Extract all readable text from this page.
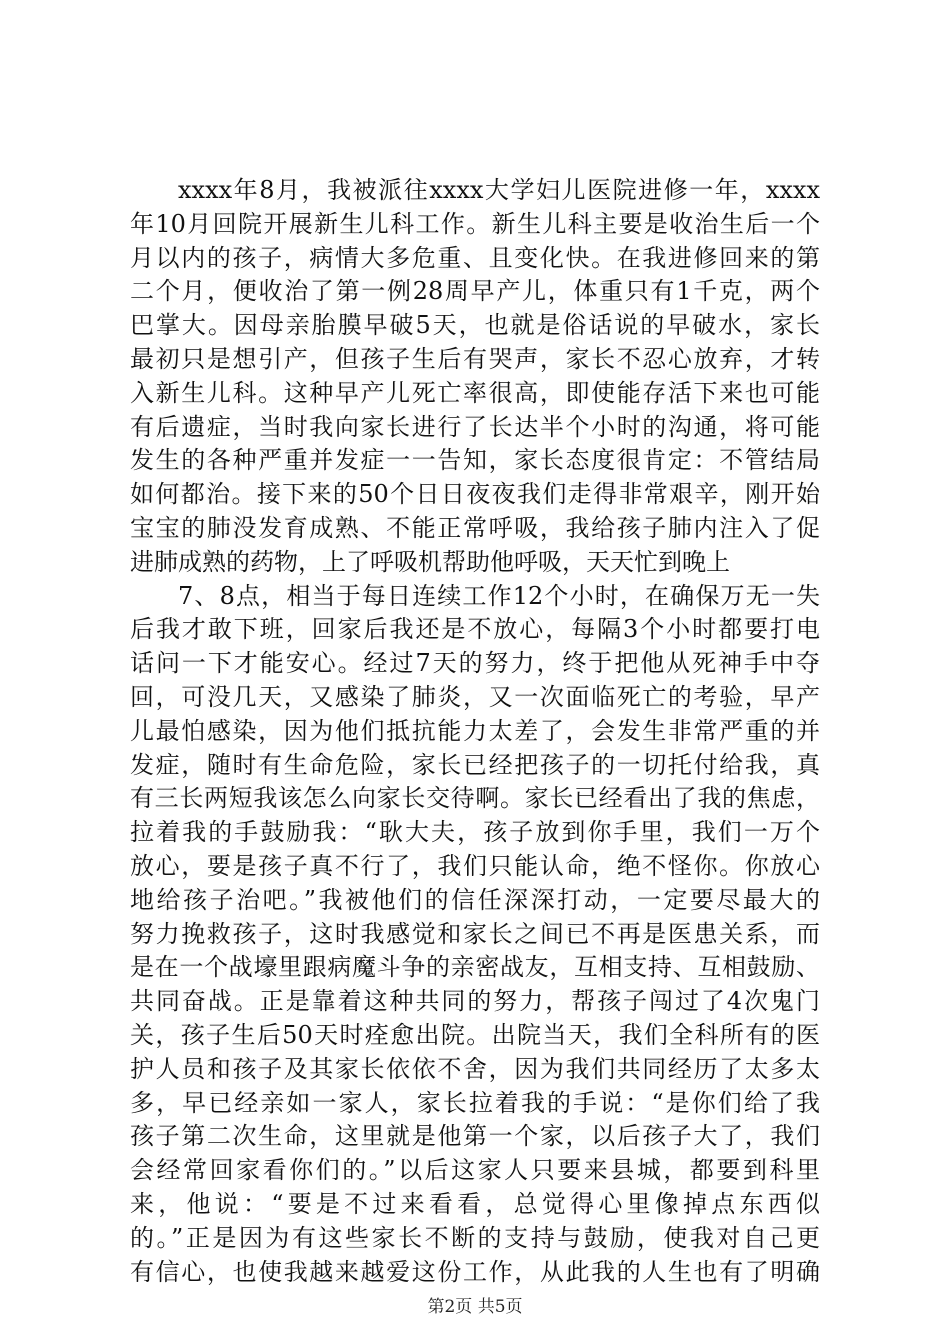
xxxx年8月，我被派往xxxx大学妇儿医院进修一年，xxxx
年10月回院开展新生儿科工作。新生儿科主要是收治生后一个
月以内的孩子，病情大多危重、且变化快。在我进修回来的第
二个月，便收治了第一例28周早产儿，体重只有1千克，两个
巴掌大。因母亲胎膜早破5天，也就是俗话说的早破水，家长
最初只是想引产，但孩子生后有哭声，家长不忍心放弃，才转
入新生儿科。这种早产儿死亡率很高，即使能存活下来也可能
有后遗症，当时我向家长进行了长达半个小时的沟通，将可能
发生的各种严重并发症一一告知，家长态度很肯定：不管结局
如何都治。接下来的50个日日夜夜我们走得非常艰辛，刚开始
宝宝的肺没发育成熟、不能正常呼吸，我给孩子肺内注入了促
进肺成熟的药物，上了呼吸机帮助他呼吸，天天忙到晚上
7、8点，相当于每日连续工作12个小时，在确保万无一失
后我才敢下班，回家后我还是不放心，每隔3个小时都要打电
话问一下才能安心。经过7天的努力，终于把他从死神手中夺
回，可没几天，又感染了肺炎，又一次面临死亡的考验，早产
儿最怕感染，因为他们抵抗能力太差了，会发生非常严重的并
发症，随时有生命危险，家长已经把孩子的一切托付给我，真
有三长两短我该怎么向家长交待啊。家长已经看出了我的焦虑，
拉着我的手鼓励我：“耿大夫，孩子放到你手里，我们一万个
放心，要是孩子真不行了，我们只能认命，绝不怪你。你放心
地给孩子治吧。”我被他们的信任深深打动，一定要尽最大的
努力挽救孩子，这时我感觉和家长之间已不再是医患关系，而
是在一个战壕里跟病魔斗争的亲密战友，互相支持、互相鼓励、
共同奋战。正是靠着这种共同的努力，帮孩子闯过了4次鬼门
关，孩子生后50天时痊愈出院。出院当天，我们全科所有的医
护人员和孩子及其家长依依不舍，因为我们共同经历了太多太
多，早已经亲如一家人，家长拉着我的手说：“是你们给了我
孩子第二次生命，这里就是他第一个家，以后孩子大了，我们
会经常回家看你们的。”以后这家人只要来县城，都要到科里
来，他说：“要是不过来看看，总觉得心里像掉点东西似
的。”正是因为有这些家长不断的支持与鼓励，使我对自己更
有信心，也使我越来越爱这份工作，从此我的人生也有了明确
第2页 共5页
